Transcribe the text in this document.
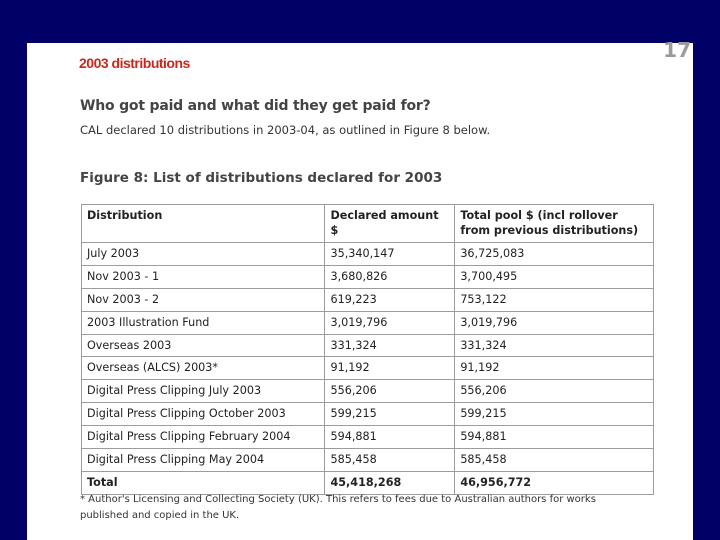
17
2003 distributions
Who got paid and what did they get paid for?
CAL declared 10 distributions in 2003-04, as outlined in Figure 8 below.
Figure 8: List of distributions declared for 2003
Distribution	Declared amount $	Total pool $ (incl rollover from previous distributions)
July 2003	35,340,147	36,725,083
Nov 2003 - 1	3,680,826	3,700,495
Nov 2003 - 2	619,223	753,122
2003 Illustration Fund	3,019,796	3,019,796
Overseas 2003	331,324	331,324
Overseas (ALCS) 2003*	91,192	91,192
Digital Press Clipping July 2003	556,206	556,206
Digital Press Clipping October 2003	599,215	599,215
Digital Press Clipping February 2004	594,881	594,881
Digital Press Clipping May 2004	585,458	585,458
Total	45,418,268	46,956,772
* Author's Licensing and Collecting Society (UK). This refers to fees due to Australian authors for works published and copied in the UK.
